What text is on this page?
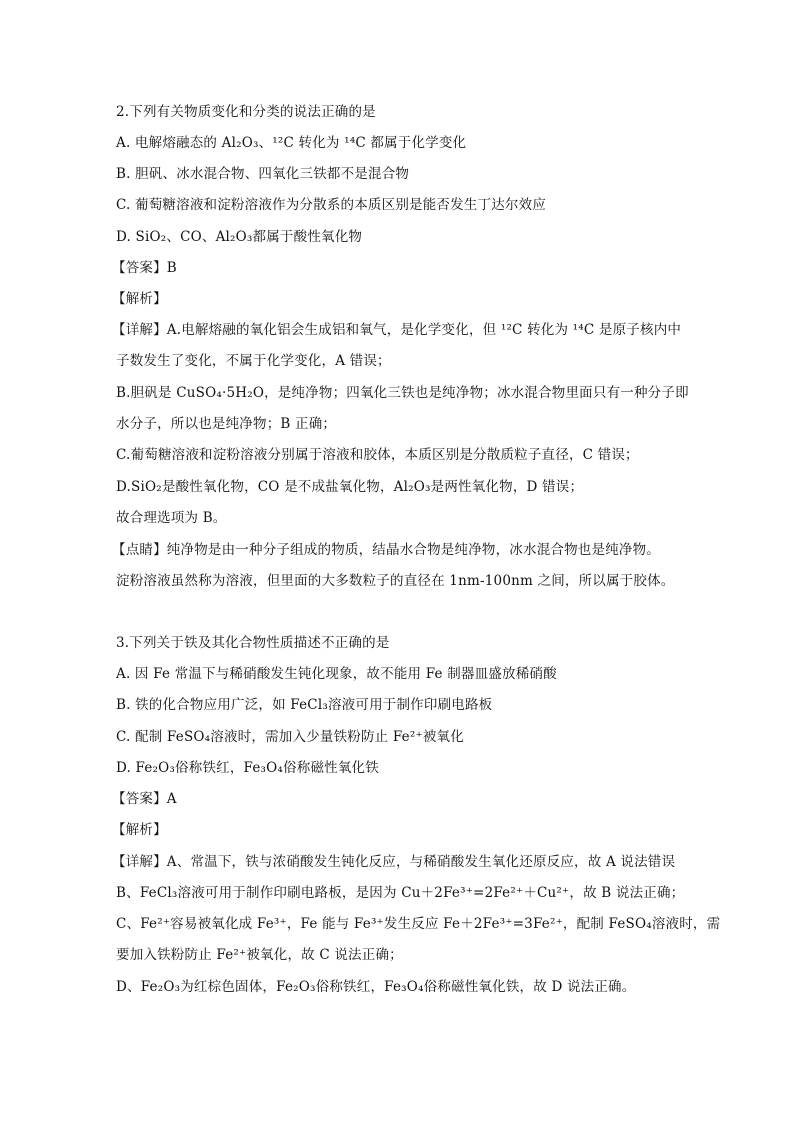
2.下列有关物质变化和分类的说法正确的是
A. 电解熔融态的 Al₂O₃、¹²C 转化为 ¹⁴C 都属于化学变化
B. 胆矾、冰水混合物、四氧化三铁都不是混合物
C. 葡萄糖溶液和淀粉溶液作为分散系的本质区别是能否发生丁达尔效应
D. SiO₂、CO、Al₂O₃都属于酸性氧化物
【答案】B
【解析】
【详解】A.电解熔融的氧化铝会生成铝和氧气，是化学变化，但 ¹²C 转化为 ¹⁴C 是原子核内中
子数发生了变化，不属于化学变化，A 错误；
B.胆矾是 CuSO₄·5H₂O，是纯净物；四氧化三铁也是纯净物；冰水混合物里面只有一种分子即
水分子，所以也是纯净物；B 正确；
C.葡萄糖溶液和淀粉溶液分别属于溶液和胶体，本质区别是分散质粒子直径，C 错误；
D.SiO₂是酸性氧化物，CO 是不成盐氧化物，Al₂O₃是两性氧化物，D 错误；
故合理选项为 B。
【点睛】纯净物是由一种分子组成的物质，结晶水合物是纯净物，冰水混合物也是纯净物。
淀粉溶液虽然称为溶液，但里面的大多数粒子的直径在 1nm-100nm 之间，所以属于胶体。
3.下列关于铁及其化合物性质描述不正确的是
A. 因 Fe 常温下与稀硝酸发生钝化现象，故不能用 Fe 制器皿盛放稀硝酸
B. 铁的化合物应用广泛，如 FeCl₃溶液可用于制作印刷电路板
C. 配制 FeSO₄溶液时，需加入少量铁粉防止 Fe²⁺被氧化
D. Fe₂O₃俗称铁红，Fe₃O₄俗称磁性氧化铁
【答案】A
【解析】
【详解】A、常温下，铁与浓硝酸发生钝化反应，与稀硝酸发生氧化还原反应，故 A 说法错误
B、FeCl₃溶液可用于制作印刷电路板，是因为 Cu＋2Fe³⁺=2Fe²⁺＋Cu²⁺，故 B 说法正确；
C、Fe²⁺容易被氧化成 Fe³⁺，Fe 能与 Fe³⁺发生反应 Fe＋2Fe³⁺=3Fe²⁺，配制 FeSO₄溶液时，需
要加入铁粉防止 Fe²⁺被氧化，故 C 说法正确；
D、Fe₂O₃为红棕色固体，Fe₂O₃俗称铁红，Fe₃O₄俗称磁性氧化铁，故 D 说法正确。
